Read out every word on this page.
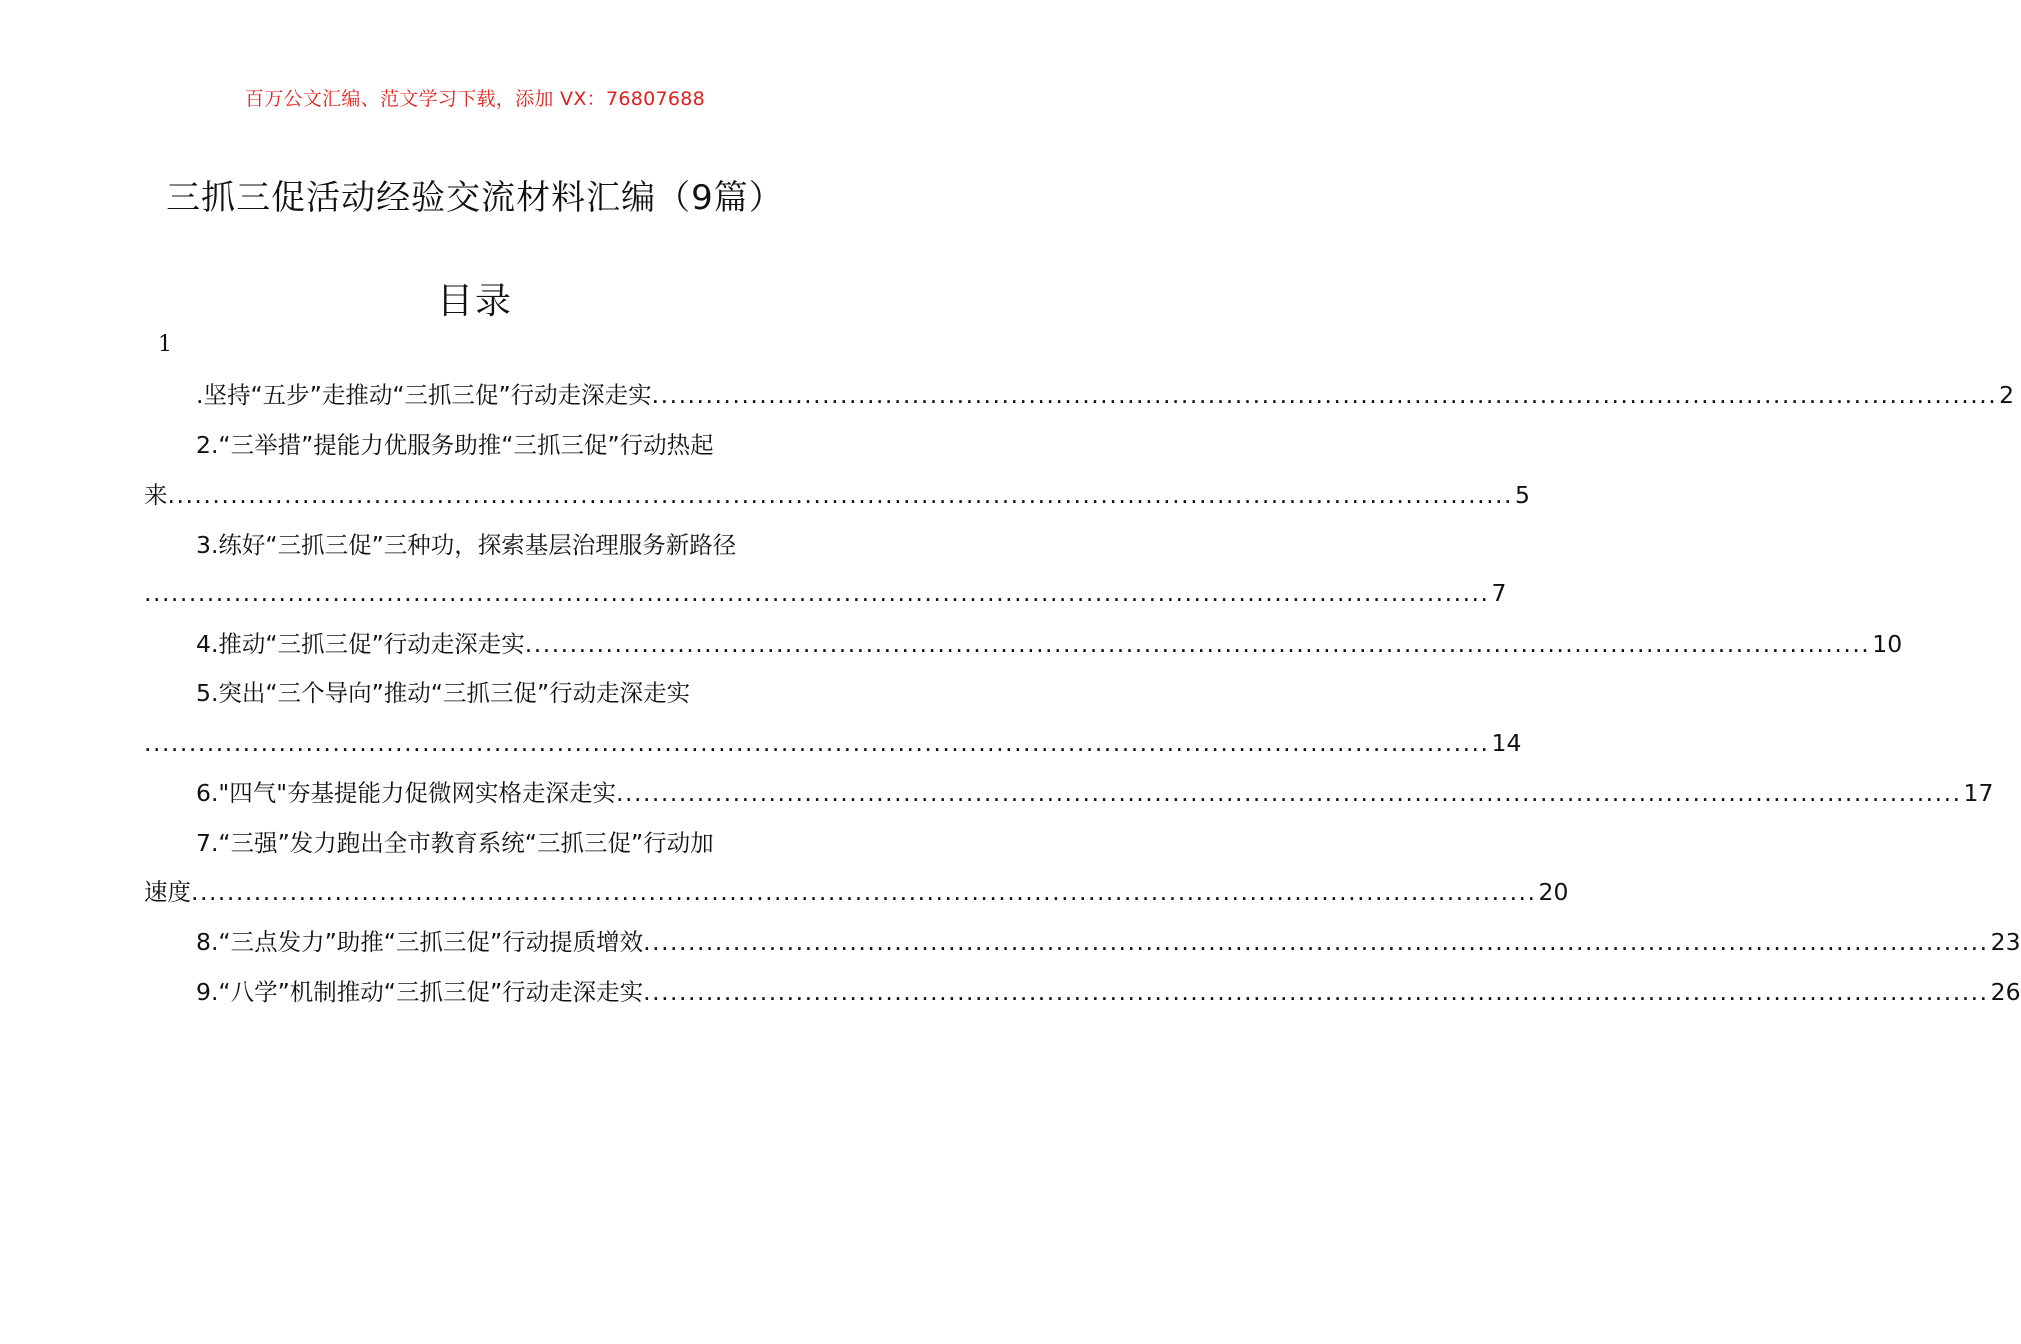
百万公文汇编、范文学习下载，添加 VX：76807688
三抓三促活动经验交流材料汇编（9篇）
目录
1
.坚持“五步”走推动“三抓三促”行动走深走实 ...................................................................................................................................................... 2
2.“三举措”提能力优服务助推“三抓三促”行动热起
来 ...................................................................................................................................................... 5
3.练好“三抓三促”三种功，探索基层治理服务新路径
...................................................................................................................................................... 7
4.推动“三抓三促”行动走深走实 ...................................................................................................................................................... 10
5.突出“三个导向”推动“三抓三促”行动走深走实
...................................................................................................................................................... 14
6."四气"夯基提能力促微网实格走深走实 ...................................................................................................................................................... 17
7.“三强”发力跑出全市教育系统“三抓三促”行动加
速度 ...................................................................................................................................................... 20
8.“三点发力”助推“三抓三促”行动提质增效 ...................................................................................................................................................... 23
9.“八学”机制推动“三抓三促”行动走深走实 ...................................................................................................................................................... 26
